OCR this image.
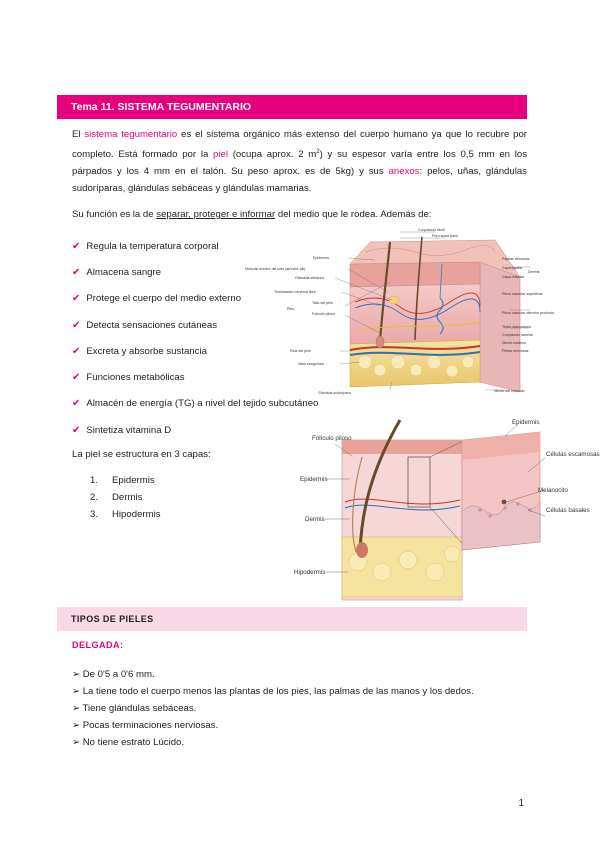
Tema 11. SISTEMA TEGUMENTARIO
El sistema tegumentario es el sistema orgánico más extenso del cuerpo humano ya que lo recubre por completo. Está formado por la piel (ocupa aprox. 2 $m^2$) y su espesor varía entre los 0,5 mm en los párpados y los 4 mm en el talón. Su peso aprox. es de 5kg) y sus anexos: pelos, uñas, glándulas sudoríparas, glándulas sebáceas y glándulas mamarias.
Su función es la de separar, proteger e informar del medio que le rodea. Además de:
✔ Regula la temperatura corporal
✔ Almacena sangre
✔ Protege el cuerpo del medio externo
✔ Detecta sensaciones cutáneas
✔ Excreta y absorbe sustancia
✔ Funciones metabólicas
✔ Almacén de energía (TG) a nivel del tejido subcutáneo
✔ Sintetiza vitamina D
Corpúsculo táctil
Poro sudoríparo
Epidermis
Músculo erector del pelo (arrector pili)
Glándula sebácea
Terminación nerviosa libre
Tallo del pelo
Pelo
Folículo piloso
Raíz del pelo
Vaso sanguíneo
Glándula sudorípara
Papilas dérmicas
Capa papilar
Capa reticular
Dermis
Plexo vascular superficial
Plexo vascular dérmico profundo
Tejido subcutáneo
Corpúsculo lamelar
Nervio cutáneo
Fibras nerviosas
Nervio del músculo
La piel se estructura en 3 capas:
1.	Epidermis
2.	Dermis
3.	Hipodermis
Folículo piloso
Epidermis
Dermis
Hipodermis
Epidermis
Células escamosas
Melanocito
Células basales
TIPOS DE PIELES
DELGADA:
➢ De 0'5 a 0'6 mm.
➢ La tiene todo el cuerpo menos las plantas de los pies, las palmas de las manos y los dedos.
➢ Tiene glándulas sebáceas.
➢ Pocas terminaciones nerviosas.
➢ No tiene estrato Lúcido.
1
